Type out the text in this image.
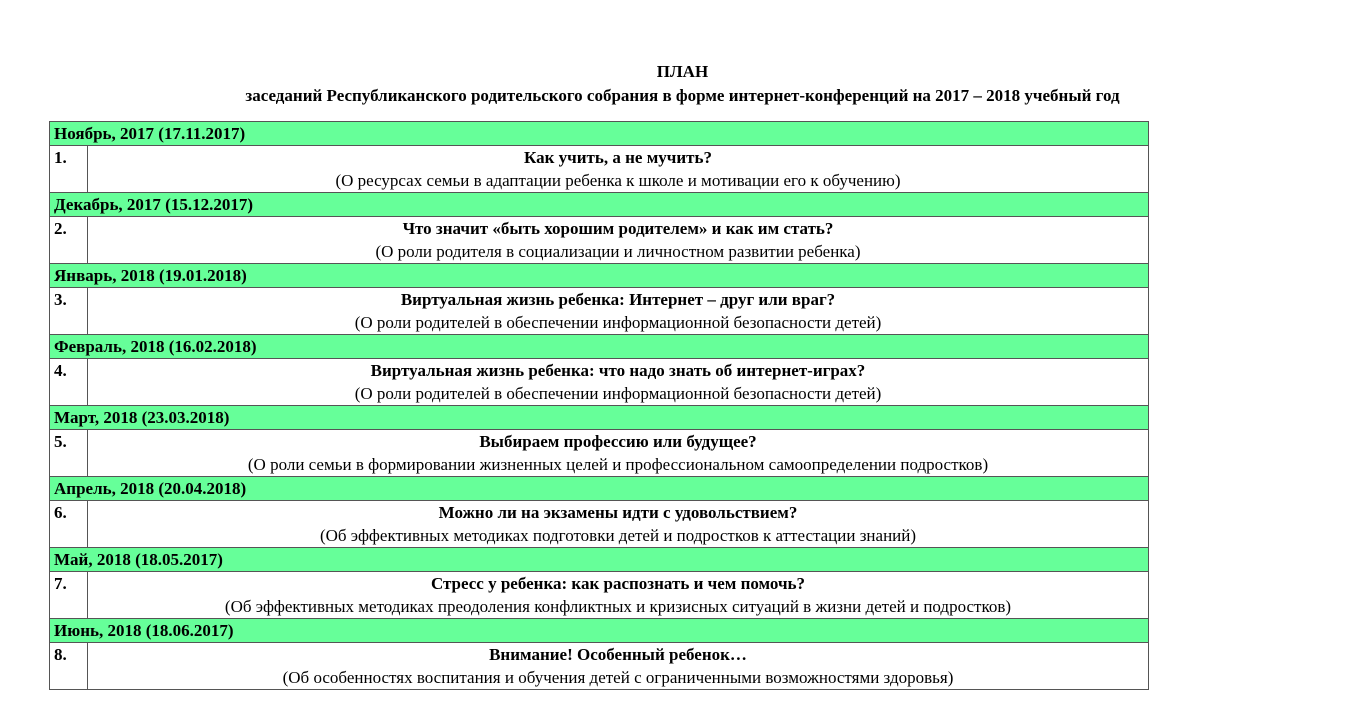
ПЛАН
заседаний Республиканского родительского собрания в форме интернет-конференций на 2017 – 2018 учебный год
Ноябрь, 2017 (17.11.2017)	
1.	Как учить, а не мучить?
(О ресурсах семьи в адаптации ребенка к школе и мотивации его к обучению)

Декабрь, 2017 (15.12.2017)	
2.	Что значит «быть хорошим родителем» и как им стать?
(О роли родителя в социализации и личностном развитии ребенка)

Январь, 2018 (19.01.2018)	
3.	Виртуальная жизнь ребенка: Интернет – друг или враг?
(О роли родителей в обеспечении информационной безопасности детей)

Февраль, 2018 (16.02.2018)	
4.	Виртуальная жизнь ребенка: что надо знать об интернет-играх?
(О роли родителей в обеспечении информационной безопасности детей)

Март, 2018 (23.03.2018)	
5.	Выбираем профессию или будущее?
(О роли семьи в формировании жизненных целей и профессиональном самоопределении подростков)

Апрель, 2018 (20.04.2018)	
6.	Можно ли на экзамены идти с удовольствием?
(Об эффективных методиках подготовки детей и подростков к аттестации знаний)

Май, 2018 (18.05.2017)	
7.	Стресс у ребенка: как распознать и чем помочь?
(Об эффективных методиках преодоления конфликтных и кризисных ситуаций в жизни детей и подростков)

Июнь, 2018 (18.06.2017)	
8.	Внимание! Особенный ребенок…
(Об особенностях воспитания и обучения детей с ограниченными возможностями здоровья)
